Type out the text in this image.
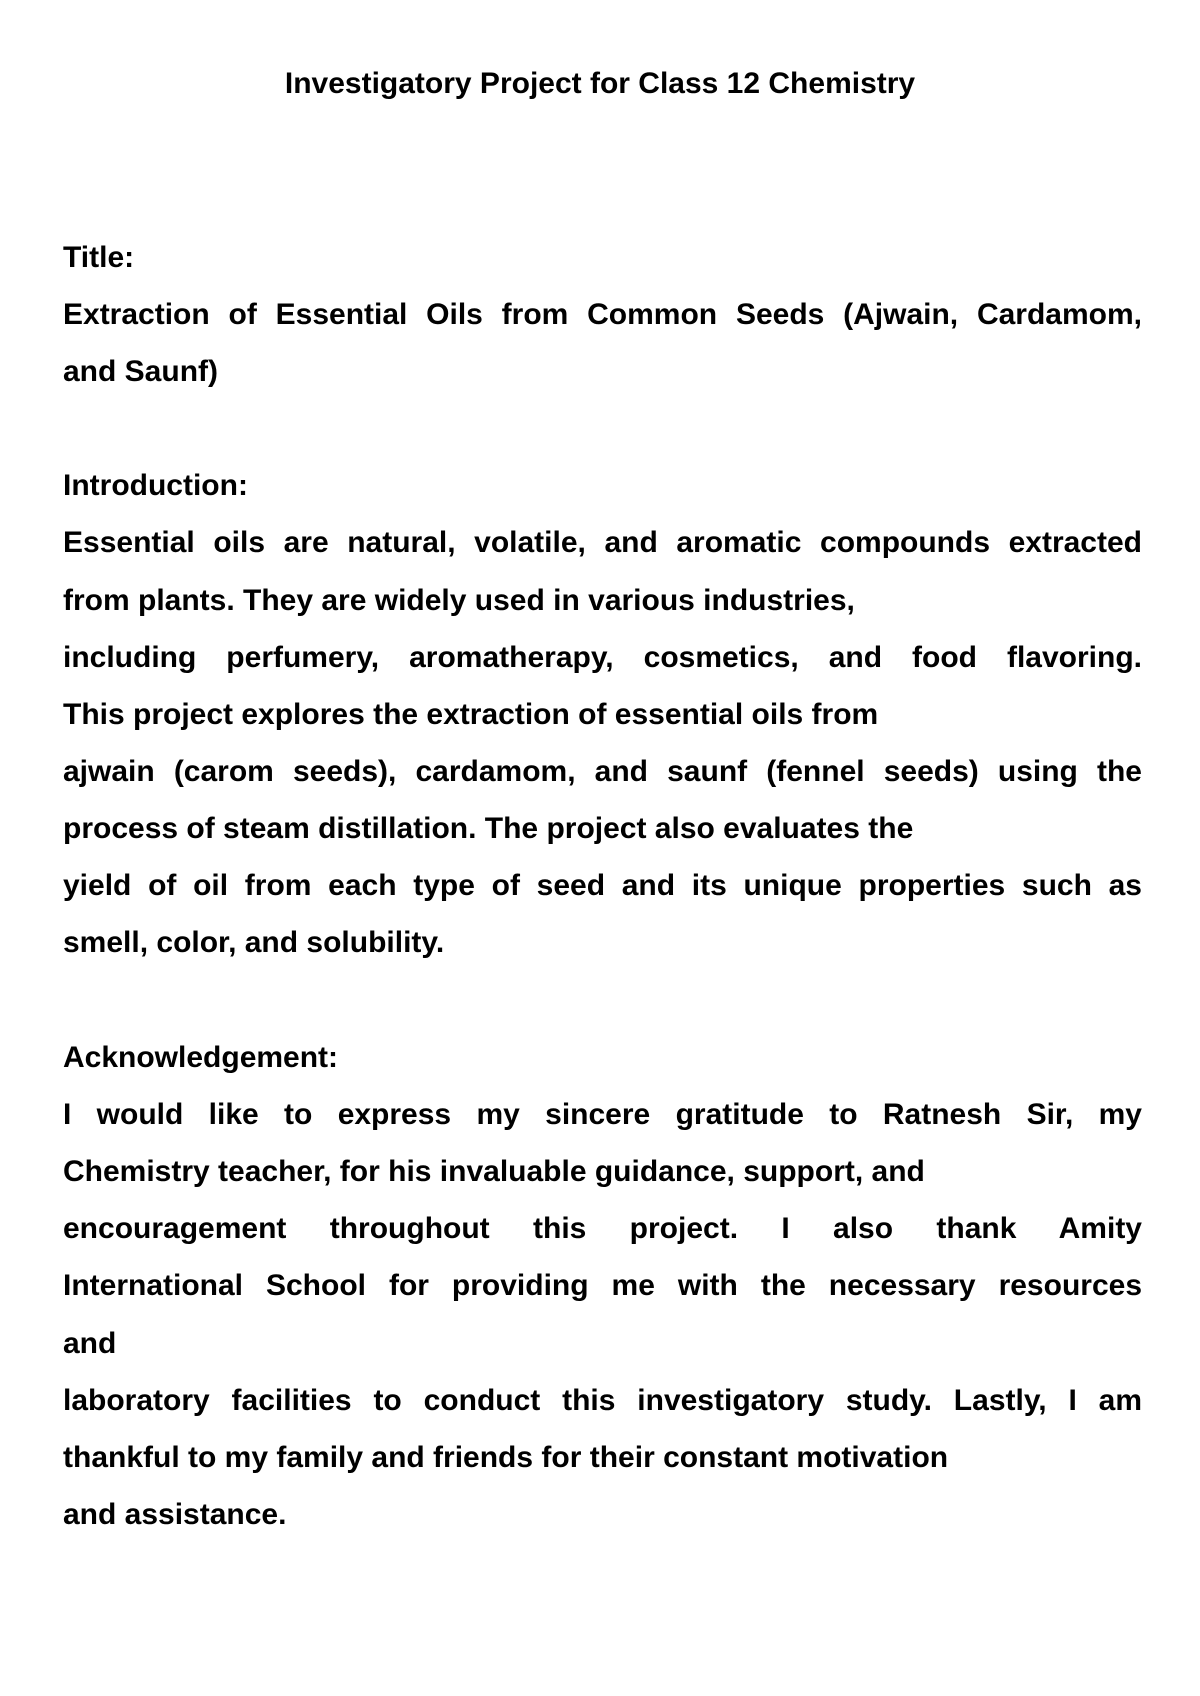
Investigatory Project for Class 12 Chemistry
Title:
Extraction of Essential Oils from Common Seeds (Ajwain, Cardamom,
and Saunf)
Introduction:
Essential oils are natural, volatile, and aromatic compounds extracted
from plants. They are widely used in various industries,
including perfumery, aromatherapy, cosmetics, and food flavoring.
This project explores the extraction of essential oils from
ajwain (carom seeds), cardamom, and saunf (fennel seeds) using the
process of steam distillation. The project also evaluates the
yield of oil from each type of seed and its unique properties such as
smell, color, and solubility.
Acknowledgement:
I would like to express my sincere gratitude to Ratnesh Sir, my
Chemistry teacher, for his invaluable guidance, support, and
encouragement throughout this project. I also thank Amity
International School for providing me with the necessary resources
and
laboratory facilities to conduct this investigatory study. Lastly, I am
thankful to my family and friends for their constant motivation
and assistance.
